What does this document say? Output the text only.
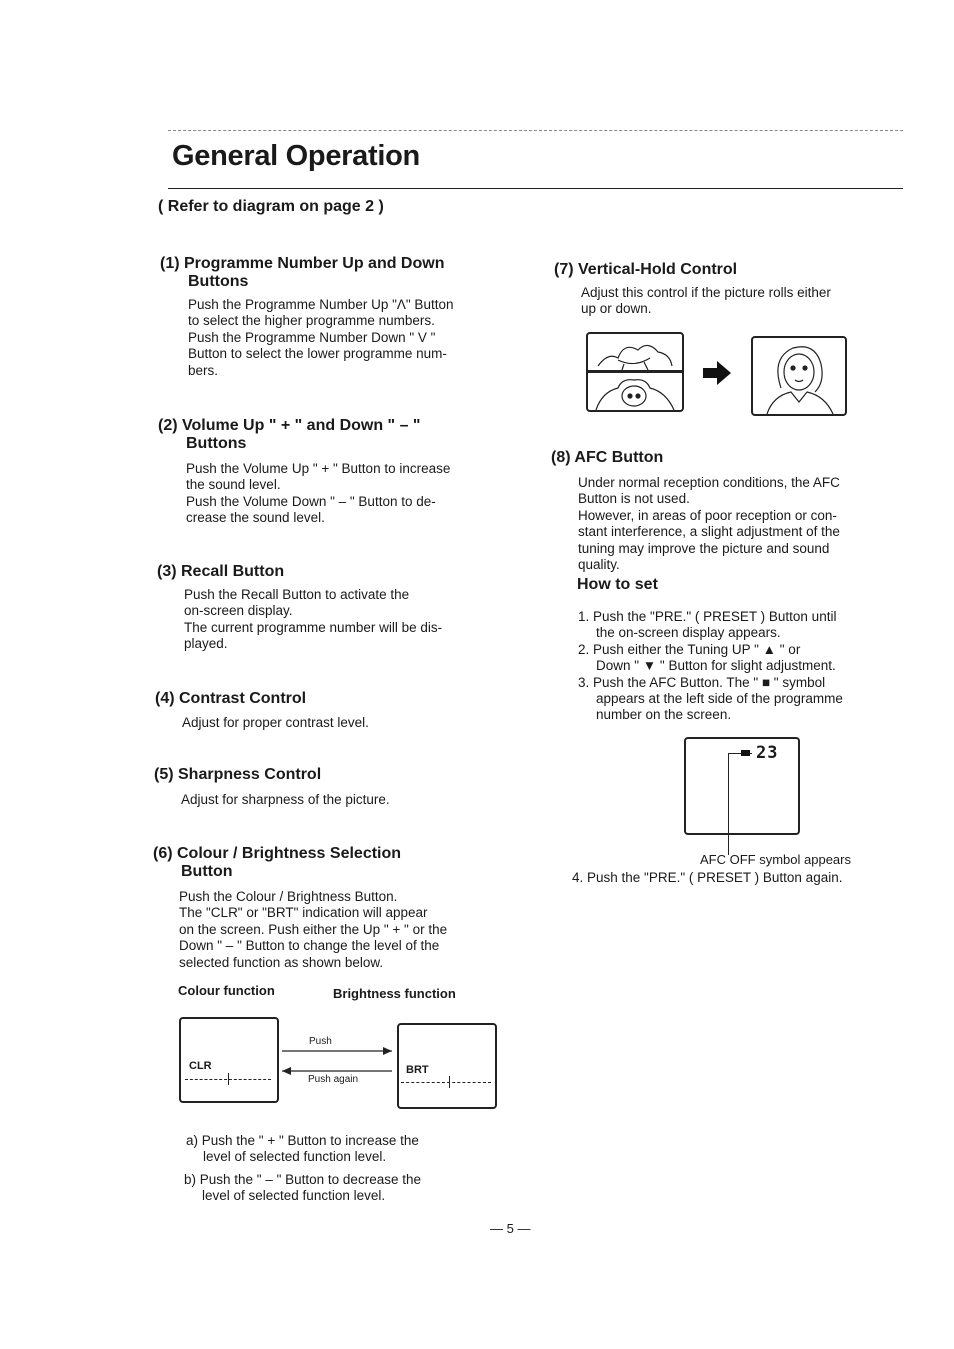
General Operation
( Refer to diagram on page 2 )
(1) Programme Number Up and Down
Buttons
Push the Programme Number Up "Λ" Button
to select the higher programme numbers.
Push the Programme Number Down " V "
Button to select the lower programme num-
bers.
(2) Volume Up " + " and Down " – "
Buttons
Push the Volume Up " + " Button to increase
the sound level.
Push the Volume Down " – " Button to de-
crease the sound level.
(3) Recall Button
Push the Recall Button to activate the
on-screen display.
The current programme number will be dis-
played.
(4) Contrast Control
Adjust for proper contrast level.
(5) Sharpness Control
Adjust for sharpness of the picture.
(6) Colour / Brightness Selection
Button
Push the Colour / Brightness Button.
The "CLR" or "BRT" indication will appear
on the screen. Push either the Up " + " or the
Down " – " Button to change the level of the
selected function as shown below.
Colour function	Brightness function
CLR	BRT
Push
Push again
a) Push the " + " Button to increase the
level of selected function level.
b) Push the " – " Button to decrease the
level of selected function level.
(7) Vertical-Hold Control
Adjust this control if the picture rolls either
up or down.
(8) AFC Button
Under normal reception conditions, the AFC
Button is not used.
However, in areas of poor reception or con-
stant interference, a slight adjustment of the
tuning may improve the picture and sound
quality.
How to set
1. Push the "PRE." ( PRESET ) Button until
the on-screen display appears.
2. Push either the Tuning UP " ▲ " or
Down " ▼ " Button for slight adjustment.
3. Push the AFC Button. The " ■ " symbol
appears at the left side of the programme
number on the screen.
23
AFC OFF symbol appears
4. Push the "PRE." ( PRESET ) Button again.
— 5 —
